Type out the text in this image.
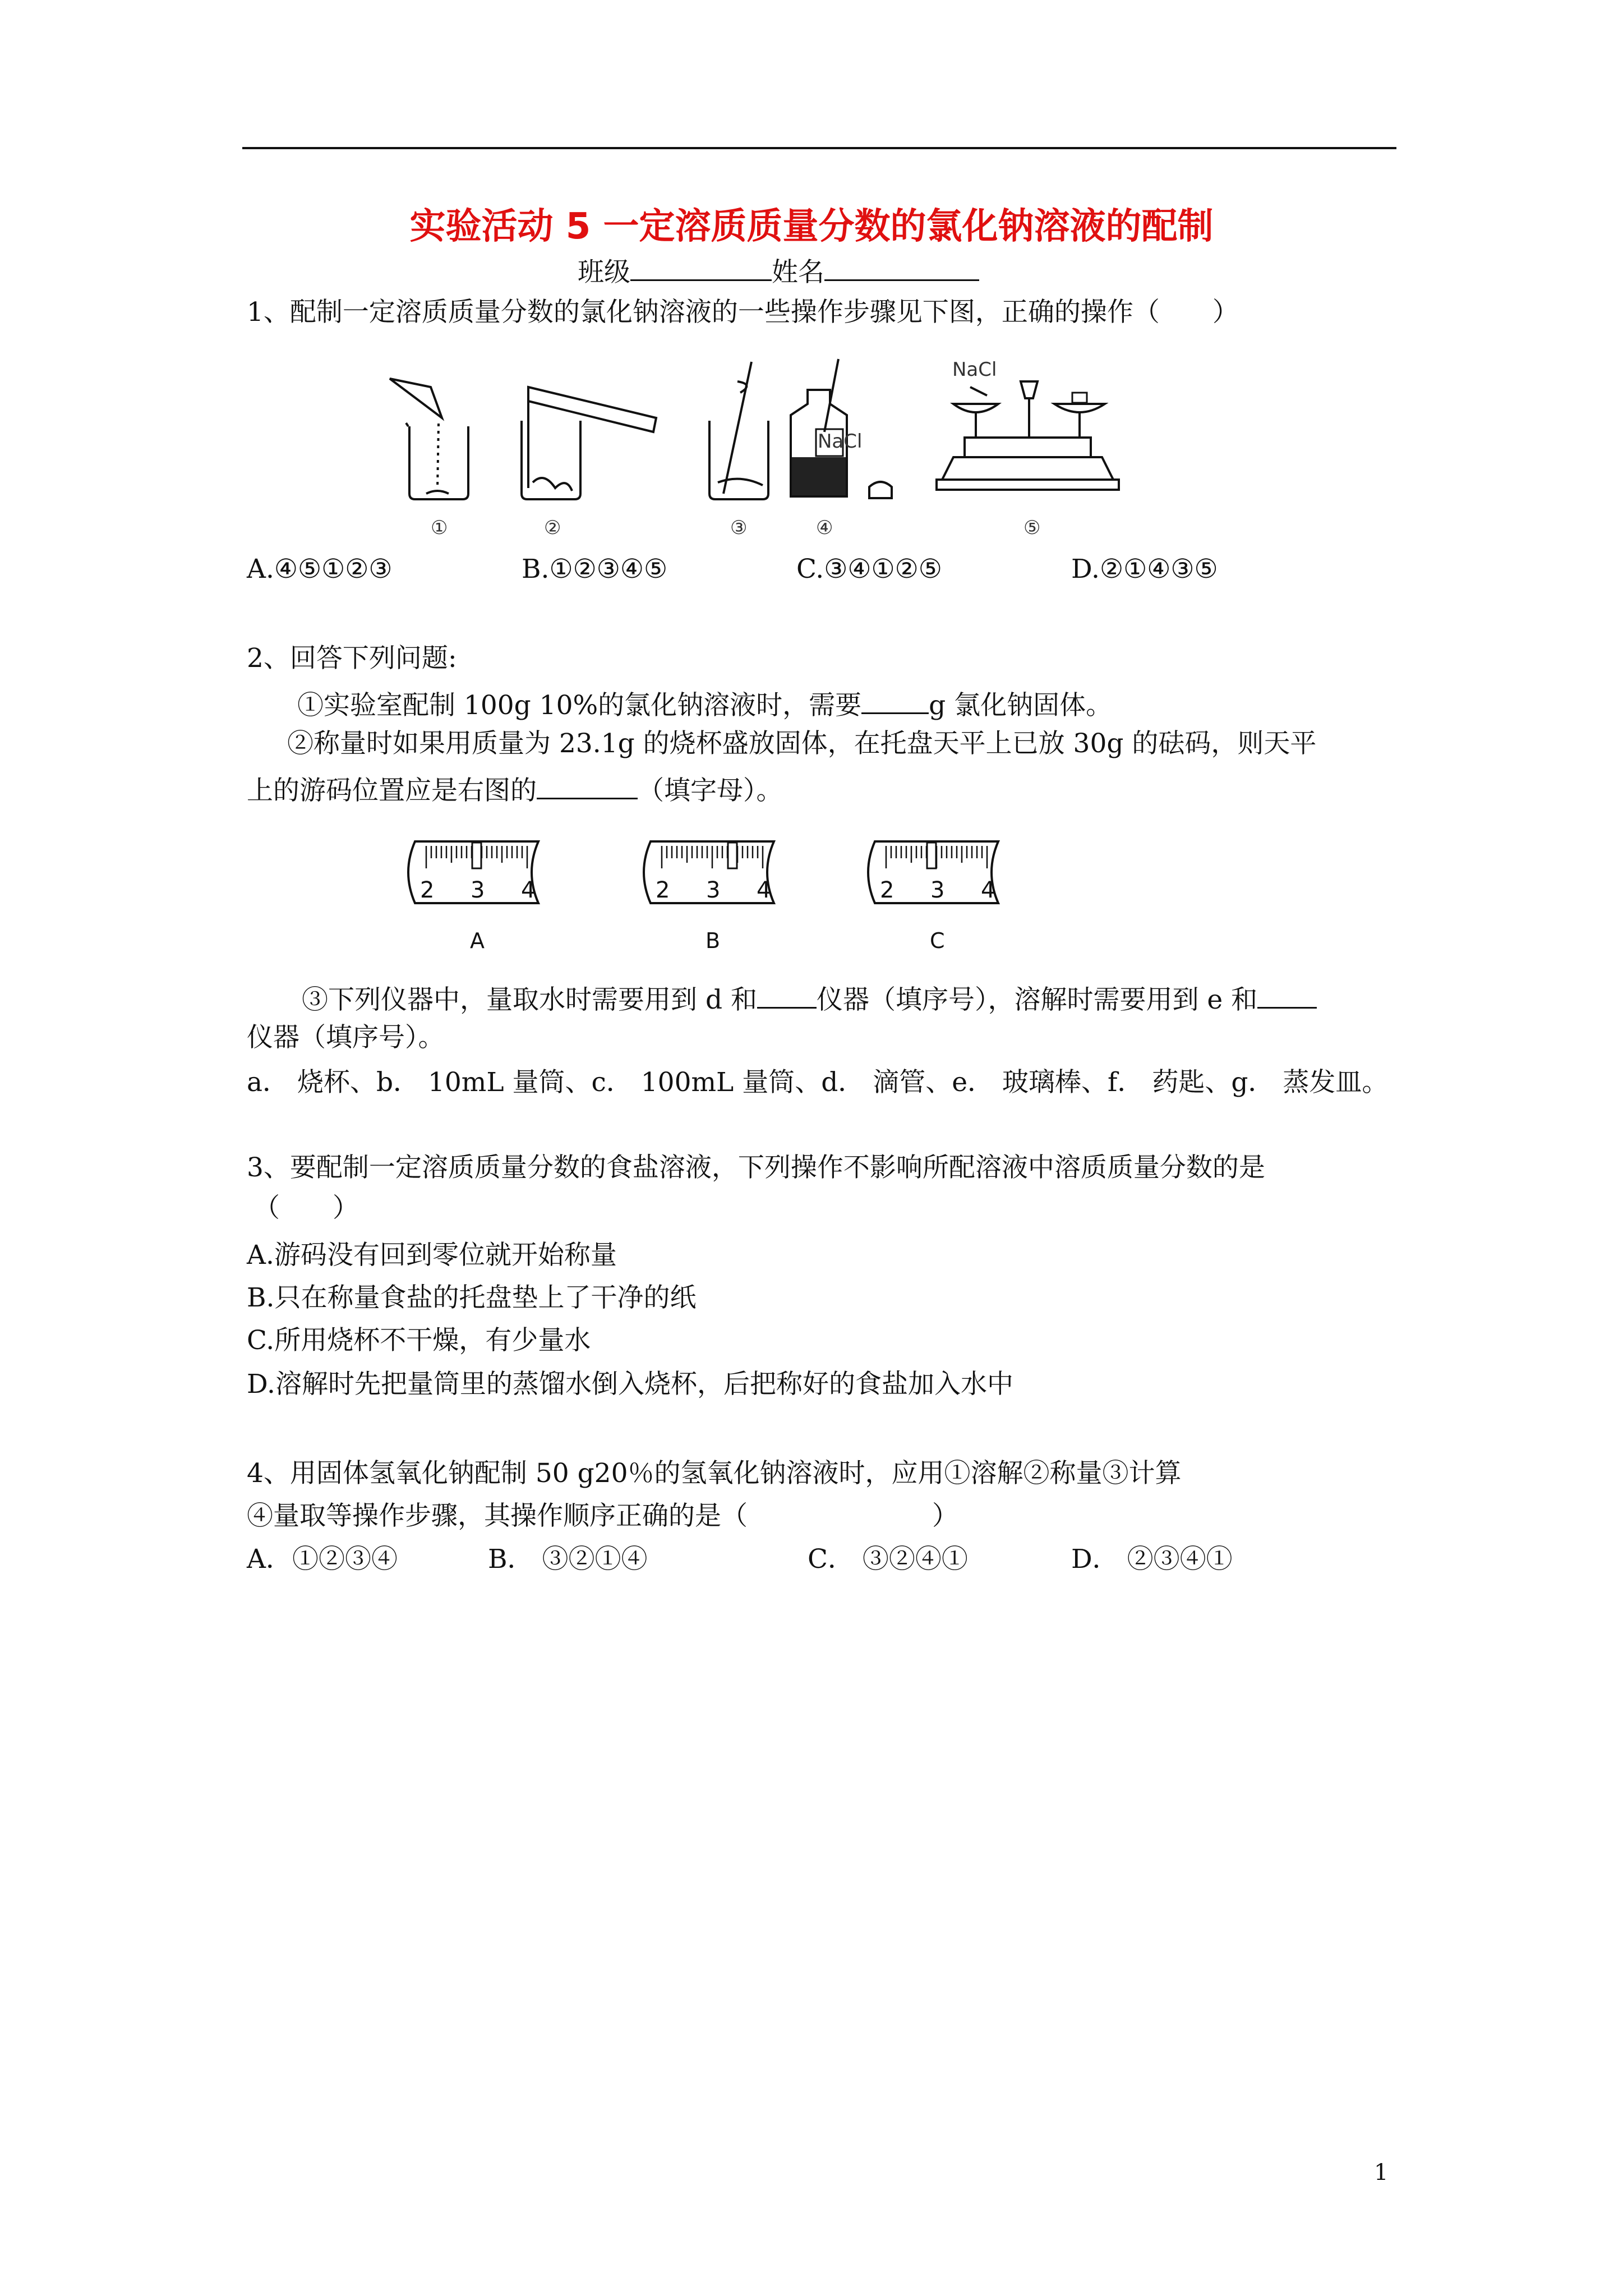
实验活动 5 一定溶质质量分数的氯化钠溶液的配制
班级	姓名
1、配制一定溶质质量分数的氯化钠溶液的一些操作步骤见下图，正确的操作（　　）
NaCl
NaCl
①	②	③	④	⑤
A.④⑤①②③	B.①②③④⑤	C.③④①②⑤	D.②①④③⑤
2、回答下列问题:
①实验室配制 100g 10%的氯化钠溶液时，需要	g 氯化钠固体。
②称量时如果用质量为 23.1g 的烧杯盛放固体，在托盘天平上已放 30g 的砝码，则天平
上的游码位置应是右图的	（填字母）。
2 3 4
A
2 3 4
B
2 3 4
C
③下列仪器中，量取水时需要用到 d 和 仪器（填序号），溶解时需要用到 e 和
仪器（填序号）。
a． 烧杯、b． 10mL 量筒、c． 100mL 量筒、d． 滴管、e． 玻璃棒、f． 药匙、g． 蒸发皿。
3、要配制一定溶质质量分数的食盐溶液，下列操作不影响所配溶液中溶质质量分数的是
（　　）
A.游码没有回到零位就开始称量
B.只在称量食盐的托盘垫上了干净的纸
C.所用烧杯不干燥，有少量水
D.溶解时先把量筒里的蒸馏水倒入烧杯，后把称好的食盐加入水中
4、用固体氢氧化钠配制 50 g20％的氢氧化钠溶液时，应用①溶解②称量③计算
④量取等操作步骤，其操作顺序正确的是（　　　　　　　）
A．①②③④	B． ③②①④	C． ③②④①	D． ②③④①
1
